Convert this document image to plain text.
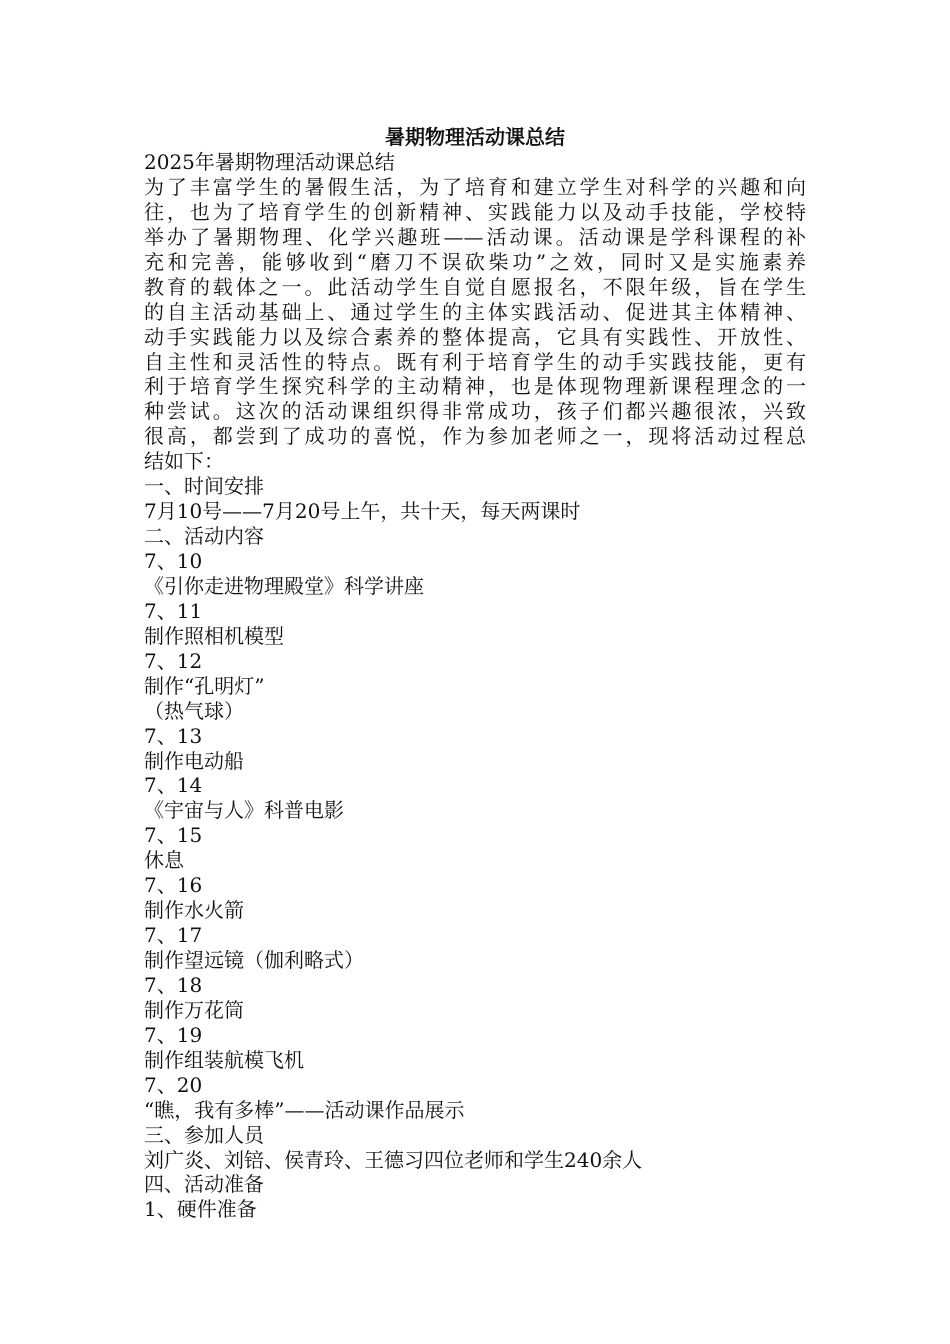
暑期物理活动课总结

2025年暑期物理活动课总结

为了丰富学生的暑假生活，为了培育和建立学生对科学的兴趣和向

往，也为了培育学生的创新精神、实践能力以及动手技能，学校特

举办了暑期物理、化学兴趣班——活动课。活动课是学科课程的补

充和完善，能够收到“磨刀不误砍柴功”之效，同时又是实施素养

教育的载体之一。此活动学生自觉自愿报名，不限年级，旨在学生

的自主活动基础上、通过学生的主体实践活动、促进其主体精神、

动手实践能力以及综合素养的整体提高，它具有实践性、开放性、

自主性和灵活性的特点。既有利于培育学生的动手实践技能，更有

利于培育学生探究科学的主动精神，也是体现物理新课程理念的一

种尝试。这次的活动课组织得非常成功，孩子们都兴趣很浓，兴致

很高，都尝到了成功的喜悦，作为参加老师之一，现将活动过程总

结如下：

一、时间安排

7月10号——7月20号上午，共十天，每天两课时

二、活动内容

7、10

《引你走进物理殿堂》科学讲座

7、11

制作照相机模型

7、12

制作“孔明灯”

（热气球）

7、13

制作电动船

7、14

《宇宙与人》科普电影

7、15

休息

7、16

制作水火箭

7、17

制作望远镜（伽利略式）

7、18

制作万花筒

7、19

制作组装航模飞机

7、20

“瞧，我有多棒”——活动课作品展示

三、参加人员

刘广炎、刘锫、侯青玲、王德习四位老师和学生240余人

四、活动准备

1、硬件准备
